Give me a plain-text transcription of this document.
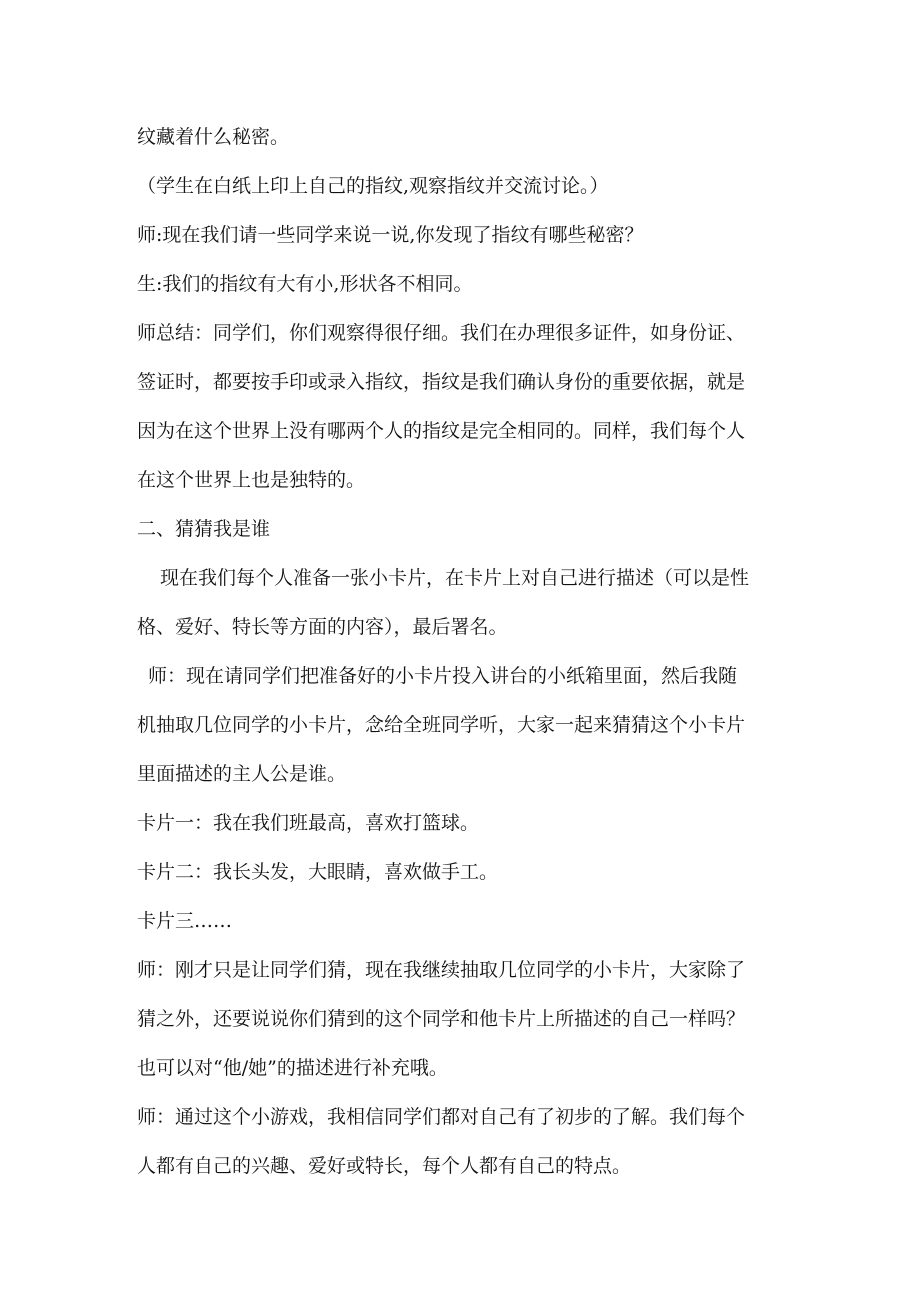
纹藏着什么秘密。
（学生在白纸上印上自己的指纹,观察指纹并交流讨论。）
师:现在我们请一些同学来说一说,你发现了指纹有哪些秘密？
生:我们的指纹有大有小,形状各不相同。
师总结：同学们，你们观察得很仔细。我们在办理很多证件，如身份证、
签证时，都要按手印或录入指纹，指纹是我们确认身份的重要依据，就是
因为在这个世界上没有哪两个人的指纹是完全相同的。同样，我们每个人
在这个世界上也是独特的。
二、猜猜我是谁
现在我们每个人准备一张小卡片，在卡片上对自己进行描述（可以是性
格、爱好、特长等方面的内容），最后署名。
师：现在请同学们把准备好的小卡片投入讲台的小纸箱里面，然后我随
机抽取几位同学的小卡片，念给全班同学听，大家一起来猜猜这个小卡片
里面描述的主人公是谁。
卡片一：我在我们班最高，喜欢打篮球。
卡片二：我长头发，大眼睛，喜欢做手工。
卡片三……
师：刚才只是让同学们猜，现在我继续抽取几位同学的小卡片，大家除了
猜之外，还要说说你们猜到的这个同学和他卡片上所描述的自己一样吗？
也可以对“他/她”的描述进行补充哦。
师：通过这个小游戏，我相信同学们都对自己有了初步的了解。我们每个
人都有自己的兴趣、爱好或特长，每个人都有自己的特点。
